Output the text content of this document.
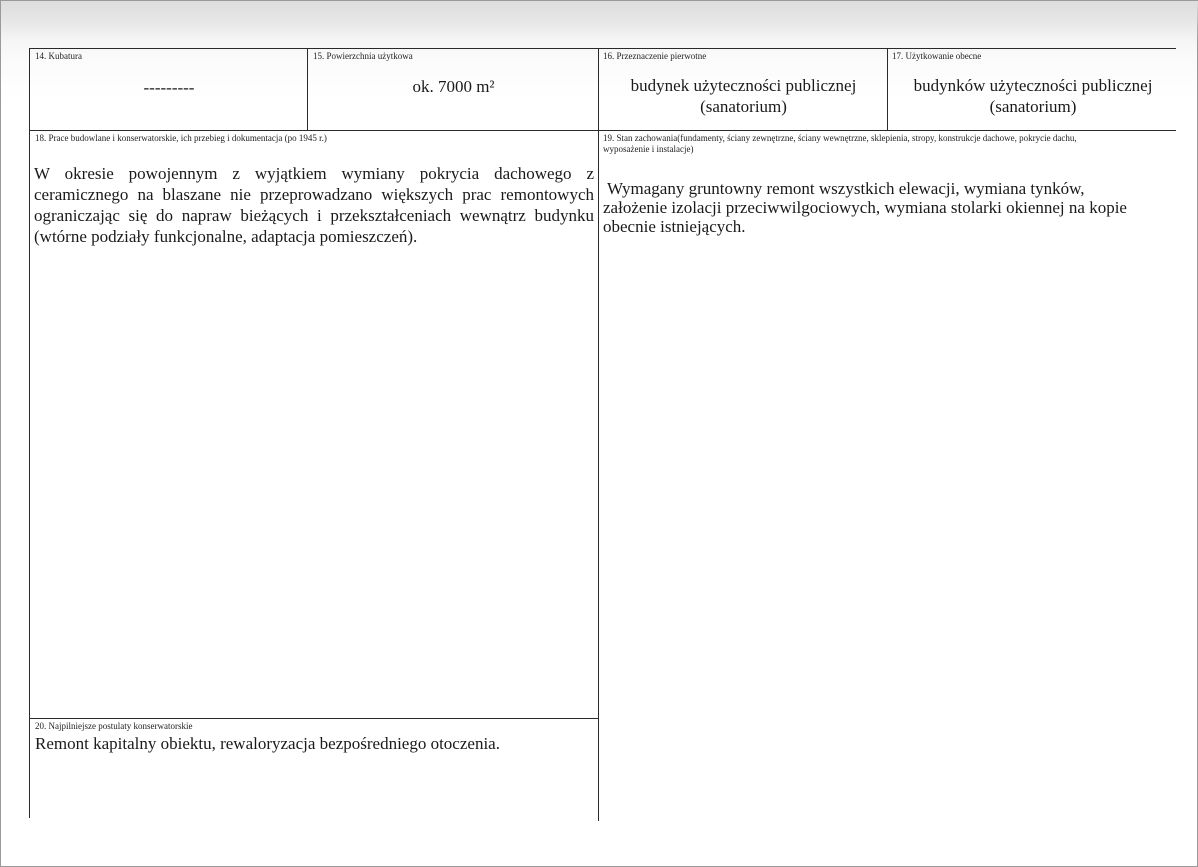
14. Kubatura
---------
15. Powierzchnia użytkowa
ok. 7000 m²
16. Przeznaczenie pierwotne
budynek użyteczności publicznej
(sanatorium)
17. Użytkowanie obecne
budynków użyteczności publicznej
(sanatorium)
18. Prace budowlane i konserwatorskie, ich przebieg i dokumentacja (po 1945 r.)
W okresie powojennym z wyjątkiem wymiany pokrycia dachowego z ceramicznego na blaszane nie przeprowadzano większych prac remontowych ograniczając się do napraw bieżących i przekształceniach wewnątrz budynku (wtórne podziały funkcjonalne, adaptacja pomieszczeń).
19. Stan zachowania(fundamenty, ściany zewnętrzne, ściany wewnętrzne, sklepienia, stropy, konstrukcje dachowe, pokrycie dachu,
wyposażenie i instalacje)
Wymagany gruntowny remont wszystkich elewacji, wymiana tynków,
założenie izolacji przeciwwilgociowych, wymiana stolarki okiennej na kopie
obecnie istniejących.
20. Najpilniejsze postulaty konserwatorskie
Remont kapitalny obiektu, rewaloryzacja bezpośredniego otoczenia.
